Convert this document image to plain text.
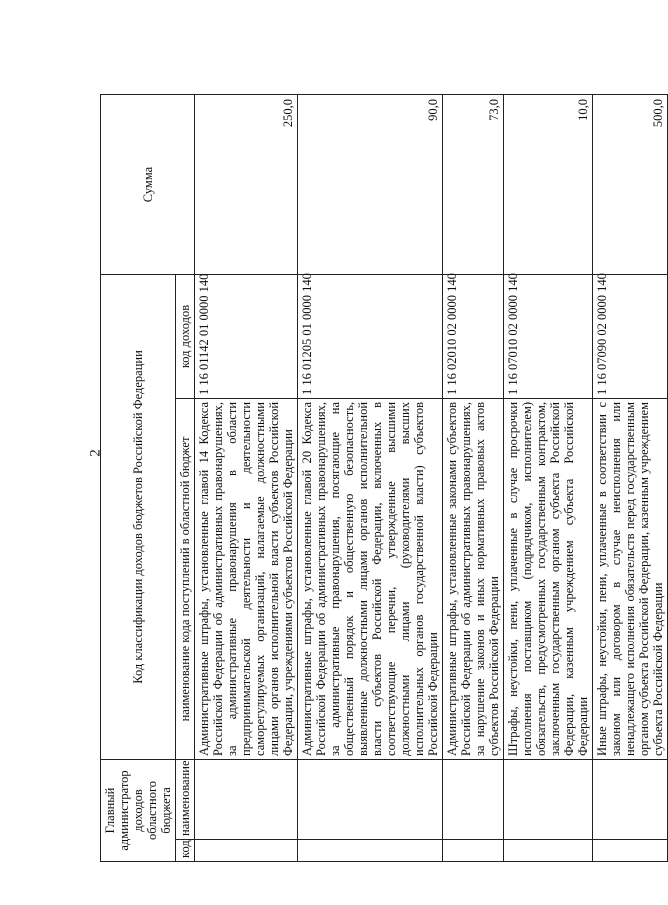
2
Главный администратор доходов областного бюджета		Код классификации доходов бюджетов Российской Федерации		Сумма
код	наименование	наименование кода поступлений в областной бюджет	код доходов	
		Административные штрафы, установленные главой 14 Кодекса Российской Федерации об административных правонарушениях, за административные правонарушения в области предпринимательской деятельности и деятельности саморегулируемых организаций, налагаемые должностными лицами органов исполнительной власти субъектов Российской Федерации, учреждениями субъектов Российской Федерации	1 16 01142 01 0000 140	250,0
		Административные штрафы, установленные главой 20 Кодекса Российской Федерации об административных правонарушениях, за административные правонарушения, посягающие на общественный порядок и общественную безопасность, выявленные должностными лицами органов исполнительной власти субъектов Российской Федерации, включенных в соответствующие перечни, утвержденные высшими должностными лицами (руководителями высших исполнительных органов государственной власти) субъектов Российской Федерации	1 16 01205 01 0000 140	90,0
		Административные штрафы, установленные законами субъектов Российской Федерации об административных правонарушениях, за нарушение законов и иных нормативных правовых актов субъектов Российской Федерации	1 16 02010 02 0000 140	73,0
		Штрафы, неустойки, пени, уплаченные в случае просрочки исполнения поставщиком (подрядчиком, исполнителем) обязательств, предусмотренных государственным контрактом, заключенным государственным органом субъекта Российской Федерации, казенным учреждением субъекта Российской Федерации	1 16 07010 02 0000 140	10,0
		Иные штрафы, неустойки, пени, уплаченные в соответствии с законом или договором в случае неисполнения или ненадлежащего исполнения обязательств перед государственным органом субъекта Российской Федерации, казенным учреждением субъекта Российской Федерации	1 16 07090 02 0000 140	500,0
